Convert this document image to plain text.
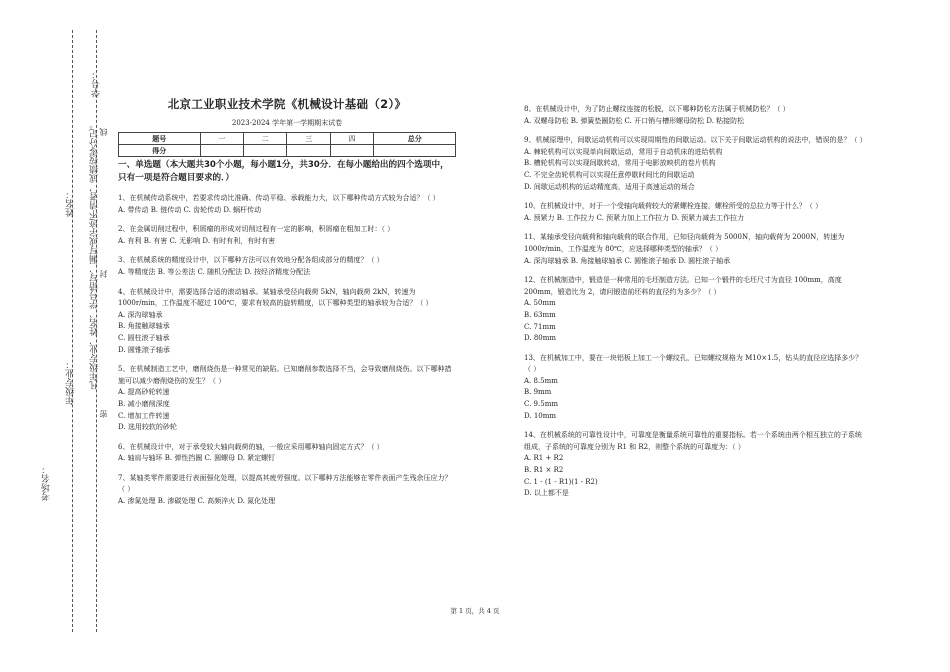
凡年级专业、姓名、学号错写、漏写或字迹不清者，成绩按零分记。
学号：
姓名：
年级专业：
考场名：
密
封
线
北京工业职业技术学院《机械设计基础（2）》
2023-2024 学年第一学期期末试卷
题号	一	二	三	四	总分
得分					
一、单选题（本大题共30个小题，每小题1分，共30分．在每小题给出的四个选项中，只有一项是符合题目要求的．）
1、在机械传动系统中，若要求传动比准确、传动平稳、承载能力大，以下哪种传动方式较为合适？（ ）
A. 带传动 B. 链传动 C. 齿轮传动 D. 蜗杆传动
2、在金属切削过程中，积屑瘤的形成对切削过程有一定的影响，积屑瘤在粗加工时：（ ）
A. 有利 B. 有害 C. 无影响 D. 有时有利，有时有害
3、在机械系统的精度设计中，以下哪种方法可以有效地分配各组成部分的精度？（ ）
A. 等精度法 B. 等公差法 C. 随机分配法 D. 按经济精度分配法
4、在机械设计中，需要选择合适的滚动轴承。某轴承受径向载荷 5kN，轴向载荷 2kN，转速为 1000r/min，工作温度不超过 100℃，要求有较高的旋转精度，以下哪种类型的轴承较为合适？（ ）
A. 深沟球轴承
B. 角接触球轴承
C. 圆柱滚子轴承
D. 圆锥滚子轴承
5、在机械制造工艺中，磨削烧伤是一种常见的缺陷。已知磨削参数选择不当，会导致磨削烧伤。以下哪种措施可以减少磨削烧伤的发生？（ ）
A. 提高砂轮转速
B. 减小磨削深度
C. 增加工件转速
D. 选用较软的砂轮
6、在机械设计中，对于承受较大轴向载荷的轴，一般应采用哪种轴向固定方式？（ ）
A. 轴肩与轴环 B. 弹性挡圈 C. 圆螺母 D. 紧定螺钉
7、某轴类零件需要进行表面强化处理，以提高其疲劳强度。以下哪种方法能够在零件表面产生残余压应力？（ ）
A. 渗氮处理 B. 渗碳处理 C. 高频淬火 D. 氮化处理
8、在机械设计中，为了防止螺纹连接的松脱，以下哪种防松方法属于机械防松？（ ）
A. 双螺母防松 B. 弹簧垫圈防松 C. 开口销与槽形螺母防松 D. 粘接防松
9、机械原理中，间歇运动机构可以实现周期性的间歇运动。以下关于间歇运动机构的说法中，错误的是？（ ）
A. 棘轮机构可以实现单向间歇运动，常用于自动机床的进给机构
B. 槽轮机构可以实现间歇转动，常用于电影放映机的卷片机构
C. 不完全齿轮机构可以实现任意停歇时间比的间歇运动
D. 间歇运动机构的运动精度高，适用于高速运动的场合
10、在机械设计中，对于一个受轴向载荷较大的紧螺栓连接，螺栓所受的总拉力等于什么？（ ）
A. 预紧力 B. 工作拉力 C. 预紧力加上工作拉力 D. 预紧力减去工作拉力
11、某轴承受径向载荷和轴向载荷的联合作用，已知径向载荷为 5000N，轴向载荷为 2000N，转速为 1000r/min，工作温度为 80℃，应选择哪种类型的轴承？（ ）
A. 深沟球轴承 B. 角接触球轴承 C. 圆锥滚子轴承 D. 圆柱滚子轴承
12、在机械制造中，锻造是一种常用的毛坯制造方法。已知一个锻件的毛坯尺寸为直径 100mm，高度 200mm，锻造比为 2，请问锻造前坯料的直径约为多少？（ ）
A. 50mm
B. 63mm
C. 71mm
D. 80mm
13、在机械加工中，要在一块铝板上加工一个螺纹孔，已知螺纹规格为 M10×1.5，钻头的直径应选择多少？（ ）
A. 8.5mm
B. 9mm
C. 9.5mm
D. 10mm
14、在机械系统的可靠性设计中，可靠度是衡量系统可靠性的重要指标。若一个系统由两个相互独立的子系统组成，子系统的可靠度分别为 R1 和 R2，则整个系统的可靠度为：（ ）
A. R1 + R2
B. R1 × R2
C. 1 - (1 - R1)(1 - R2)
D. 以上都不是
第 1 页，共 4 页
